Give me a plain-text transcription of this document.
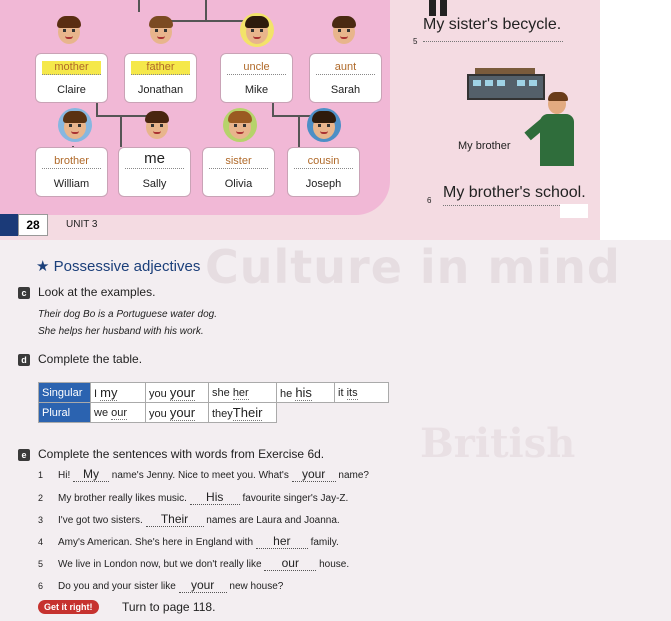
mother
Claire
father
Jonathan
uncle
Mike
aunt
Sarah
brother
William
me
Sally
sister
Olivia
cousin
Joseph
28	UNIT 3
5
My sister's becycle.
My brother
6 My brother's school.
Culture in mind
British
★ Possessive adjectives
c Look at the examples.
Their dog Bo is a Portuguese water dog.
She helps her husband with his work.
d Complete the table.
Singular	I my	you your	she her	he his	it its
Plural	we our	you your	theyTheir		
e Complete the sentences with words from Exercise 6d.
1 Hi! My name's Jenny. Nice to meet you. What's your name?
2 My brother really likes music. His favourite singer's Jay-Z.
3 I've got two sisters. Their names are Laura and Joanna.
4 Amy's American. She's here in England with her family.
5 We live in London now, but we don't really like our house.
6 Do you and your sister like your new house?
Get it right!	Turn to page 118.
